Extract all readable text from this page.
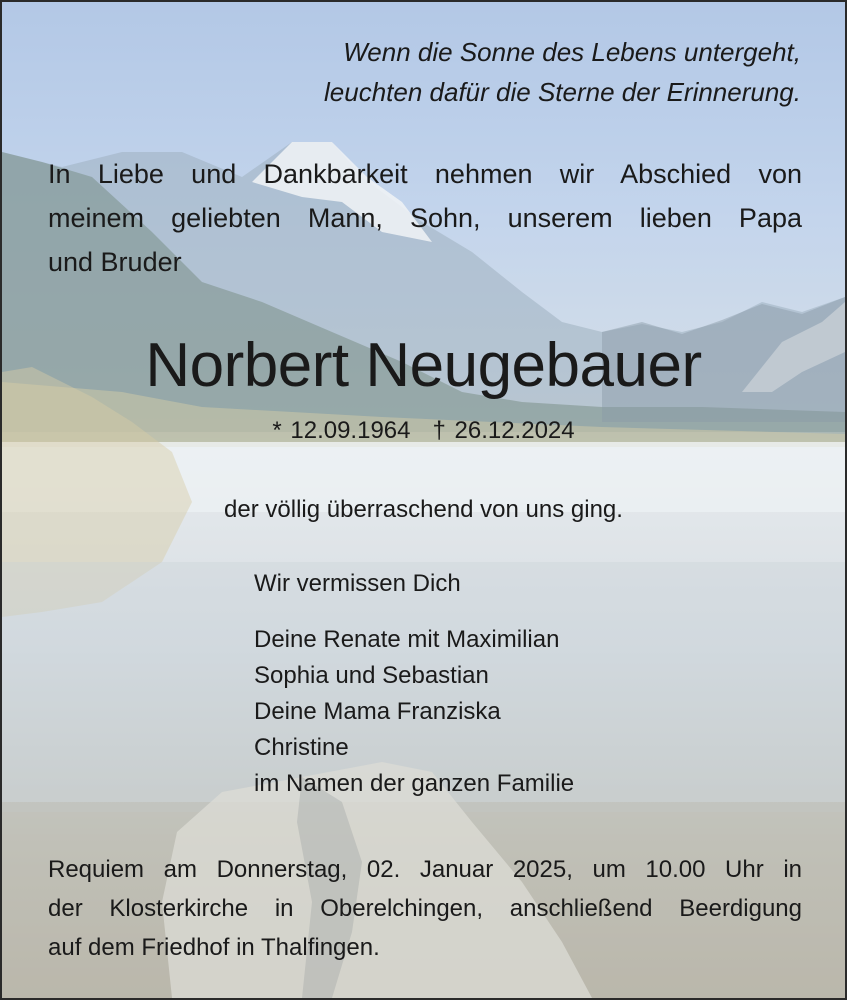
Wenn die Sonne des Lebens untergeht,
leuchten dafür die Sterne der Erinnerung.
In Liebe und Dankbarkeit nehmen wir Abschied von
meinem geliebten Mann, Sohn, unserem lieben Papa
und Bruder
Norbert Neugebauer
* 12.09.1964 † 26.12.2024
der völlig überraschend von uns ging.
Wir vermissen Dich
Deine Renate mit Maximilian
Sophia und Sebastian
Deine Mama Franziska
Christine
im Namen der ganzen Familie
Requiem am Donnerstag, 02. Januar 2025, um 10.00 Uhr in
der Klosterkirche in Oberelchingen, anschließend Beerdigung
auf dem Friedhof in Thalfingen.
